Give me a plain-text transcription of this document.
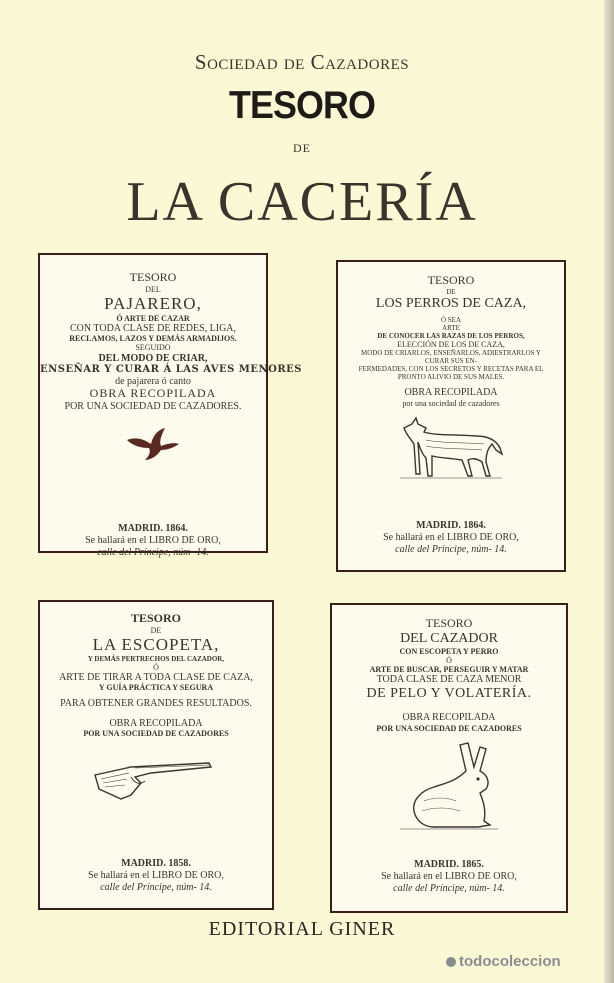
Sociedad de Cazadores
TESORO
DE
LA CACERÍA
TESORO
DEL
PAJARERO,
Ó ARTE DE CAZAR
CON TODA CLASE DE REDES, LIGA,
RECLAMOS, LAZOS Y DEMÁS ARMADIJOS.
SEGUIDO
DEL MODO DE CRIAR,
ENSEÑAR Y CURAR Á LAS AVES MENORES
de pajarera ó canto
OBRA RECOPILADA
POR UNA SOCIEDAD DE CAZADORES.
MADRID. 1864.
Se hallará en el LIBRO DE ORO,
calle del Príncipe, núm- 14.
TESORO
DE
LOS PERROS DE CAZA,
Ó SEA
ARTE
DE CONOCER LAS RAZAS DE LOS PERROS,
ELECCIÓN DE LOS DE CAZA,
MODO DE CRIARLOS, ENSEÑARLOS, ADIESTRARLOS Y
CURAR SUS EN-
FERMEDADES, CON LOS SECRETOS Y RECETAS PARA EL
PRONTO ALIVIO DE SUS MALES.
OBRA RECOPILADA
por una sociedad de cazadores
MADRID. 1864.
Se hallará en el LIBRO DE ORO,
calle del Príncipe, núm- 14.
TESORO
DE
LA ESCOPETA,
Y DEMÁS PERTRECHOS DEL CAZADOR,
Ó
ARTE DE TIRAR A TODA CLASE DE CAZA,
Y GUÍA PRÁCTICA Y SEGURA
PARA OBTENER GRANDES RESULTADOS.
OBRA RECOPILADA
POR UNA SOCIEDAD DE CAZADORES
MADRID. 1858.
Se hallará en el LIBRO DE ORO,
calle del Príncipe, núm- 14.
TESORO
DEL CAZADOR
CON ESCOPETA Y PERRO
Ó
ARTE DE BUSCAR, PERSEGUIR Y MATAR
TODA CLASE DE CAZA MENOR
DE PELO Y VOLATERÍA.
OBRA RECOPILADA
POR UNA SOCIEDAD DE CAZADORES
MADRID. 1865.
Se hallará en el LIBRO DE ORO,
calle del Príncipe, núm- 14.
EDITORIAL GINER
todocoleccion
